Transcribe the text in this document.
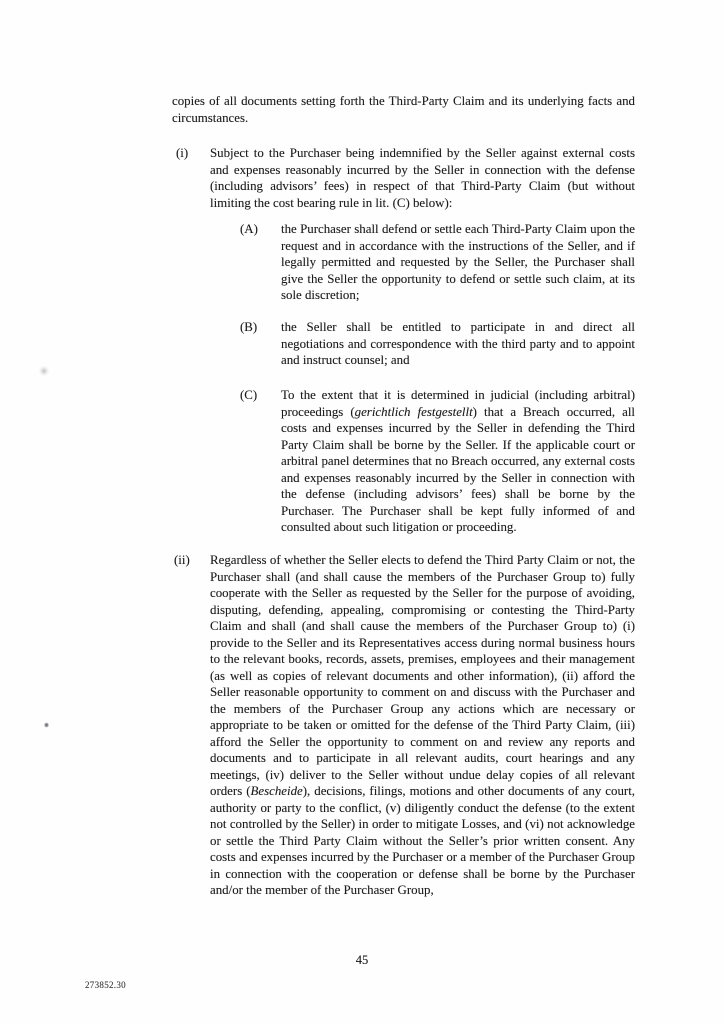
copies of all documents setting forth the Third-Party Claim and its underlying facts and circumstances.
(i) Subject to the Purchaser being indemnified by the Seller against external costs and expenses reasonably incurred by the Seller in connection with the defense (including advisors’ fees) in respect of that Third-Party Claim (but without limiting the cost bearing rule in lit. (C) below):
(A) the Purchaser shall defend or settle each Third-Party Claim upon the request and in accordance with the instructions of the Seller, and if legally permitted and requested by the Seller, the Purchaser shall give the Seller the opportunity to defend or settle such claim, at its sole discretion;
(B) the Seller shall be entitled to participate in and direct all negotiations and correspondence with the third party and to appoint and instruct counsel; and
(C) To the extent that it is determined in judicial (including arbitral) proceedings (gerichtlich festgestellt) that a Breach occurred, all costs and expenses incurred by the Seller in defending the Third Party Claim shall be borne by the Seller. If the applicable court or arbitral panel determines that no Breach occurred, any external costs and expenses reasonably incurred by the Seller in connection with the defense (including advisors’ fees) shall be borne by the Purchaser. The Purchaser shall be kept fully informed of and consulted about such litigation or proceeding.
(ii) Regardless of whether the Seller elects to defend the Third Party Claim or not, the Purchaser shall (and shall cause the members of the Purchaser Group to) fully cooperate with the Seller as requested by the Seller for the purpose of avoiding, disputing, defending, appealing, compromising or contesting the Third-Party Claim and shall (and shall cause the members of the Purchaser Group to) (i) provide to the Seller and its Representatives access during normal business hours to the relevant books, records, assets, premises, employees and their management (as well as copies of relevant documents and other information), (ii) afford the Seller reasonable opportunity to comment on and discuss with the Purchaser and the members of the Purchaser Group any actions which are necessary or appropriate to be taken or omitted for the defense of the Third Party Claim, (iii) afford the Seller the opportunity to comment on and review any reports and documents and to participate in all relevant audits, court hearings and any meetings, (iv) deliver to the Seller without undue delay copies of all relevant orders (Bescheide), decisions, filings, motions and other documents of any court, authority or party to the conflict, (v) diligently conduct the defense (to the extent not controlled by the Seller) in order to mitigate Losses, and (vi) not acknowledge or settle the Third Party Claim without the Seller’s prior written consent. Any costs and expenses incurred by the Purchaser or a member of the Purchaser Group in connection with the cooperation or defense shall be borne by the Purchaser and/or the member of the Purchaser Group,
45
273852.30
